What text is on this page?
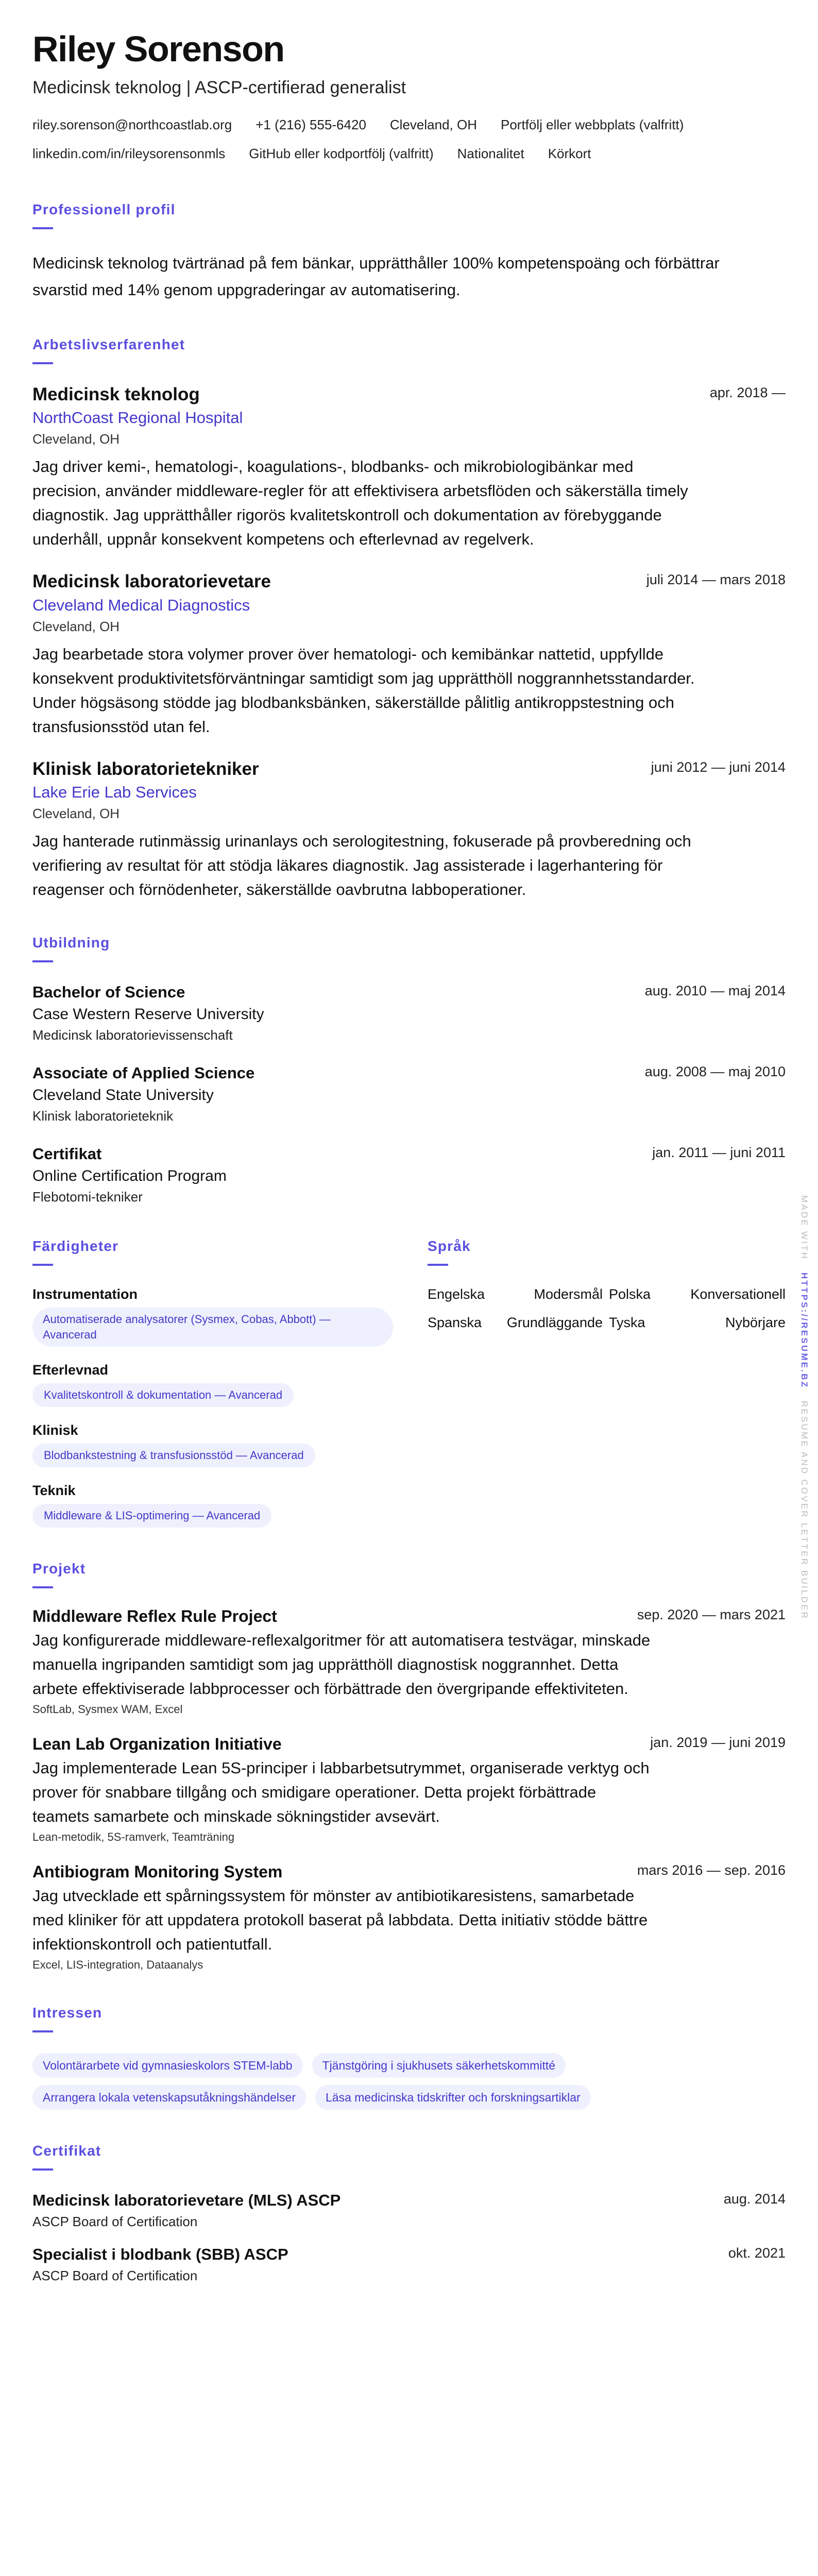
Riley Sorenson
Medicinsk teknolog | ASCP-certifierad generalist
riley.sorenson@northcoastlab.org +1 (216) 555-6420 Cleveland, OH Portfölj eller webbplats (valfritt)
linkedin.com/in/rileysorensonmls GitHub eller kodportfölj (valfritt) Nationalitet Körkort
Professionell profil
Medicinsk teknolog tvärtränad på fem bänkar, upprätthåller 100% kompetenspoäng och förbättrar svarstid med 14% genom uppgraderingar av automatisering.
Arbetslivserfarenhet
Medicinsk teknolog	apr. 2018 —
NorthCoast Regional Hospital
Cleveland, OH
Jag driver kemi-, hematologi-, koagulations-, blodbanks- och mikrobiologibänkar med precision, använder middleware-regler för att effektivisera arbetsflöden och säkerställa timely diagnostik. Jag upprätthåller rigorös kvalitetskontroll och dokumentation av förebyggande underhåll, uppnår konsekvent kompetens och efterlevnad av regelverk.
Medicinsk laboratorievetare	juli 2014 — mars 2018
Cleveland Medical Diagnostics
Cleveland, OH
Jag bearbetade stora volymer prover över hematologi- och kemibänkar nattetid, uppfyllde konsekvent produktivitetsförväntningar samtidigt som jag upprätthöll noggrannhetsstandarder. Under högsäsong stödde jag blodbanksbänken, säkerställde pålitlig antikroppstestning och transfusionsstöd utan fel.
Klinisk laboratorietekniker	juni 2012 — juni 2014
Lake Erie Lab Services
Cleveland, OH
Jag hanterade rutinmässig urinanlays och serologitestning, fokuserade på provberedning och verifiering av resultat för att stödja läkares diagnostik. Jag assisterade i lagerhantering för reagenser och förnödenheter, säkerställde oavbrutna labboperationer.
Utbildning
Bachelor of Science	aug. 2010 — maj 2014
Case Western Reserve University
Medicinsk laboratorievissenschaft
Associate of Applied Science	aug. 2008 — maj 2010
Cleveland State University
Klinisk laboratorieteknik
Certifikat	jan. 2011 — juni 2011
Online Certification Program
Flebotomi-tekniker
Färdigheter
Instrumentation
Automatiserade analysatorer (Sysmex, Cobas, Abbott) — Avancerad
Efterlevnad
Kvalitetskontroll & dokumentation — Avancerad
Klinisk
Blodbankstestning & transfusionsstöd — Avancerad
Teknik
Middleware & LIS-optimering — Avancerad
Språk
Engelska	Modersmål Polska	Konversationell
Spanska	Grundläggande Tyska	Nybörjare
Projekt
Middleware Reflex Rule Project	sep. 2020 — mars 2021
Jag konfigurerade middleware-reflexalgoritmer för att automatisera testvägar, minskade manuella ingripanden samtidigt som jag upprätthöll diagnostisk noggrannhet. Detta arbete effektiviserade labbprocesser och förbättrade den övergripande effektiviteten.
SoftLab, Sysmex WAM, Excel
Lean Lab Organization Initiative	jan. 2019 — juni 2019
Jag implementerade Lean 5S-principer i labbarbetsutrymmet, organiserade verktyg och prover för snabbare tillgång och smidigare operationer. Detta projekt förbättrade teamets samarbete och minskade sökningstider avsevärt.
Lean-metodik, 5S-ramverk, Teamträning
Antibiogram Monitoring System	mars 2016 — sep. 2016
Jag utvecklade ett spårningssystem för mönster av antibiotikaresistens, samarbetade med kliniker för att uppdatera protokoll baserat på labbdata. Detta initiativ stödde bättre infektionskontroll och patientutfall.
Excel, LIS-integration, Dataanalys
Intressen
Volontärarbete vid gymnasieskolors STEM-labb	Tjänstgöring i sjukhusets säkerhetskommitté
Arrangera lokala vetenskapsutåkningshändelser	Läsa medicinska tidskrifter och forskningsartiklar
Certifikat
Medicinsk laboratorievetare (MLS) ASCP	aug. 2014
ASCP Board of Certification
Specialist i blodbank (SBB) ASCP	okt. 2021
ASCP Board of Certification
MADE WITH   HTTPS://RESUME.BZ   RESUME AND COVER LETTER BUILDER
